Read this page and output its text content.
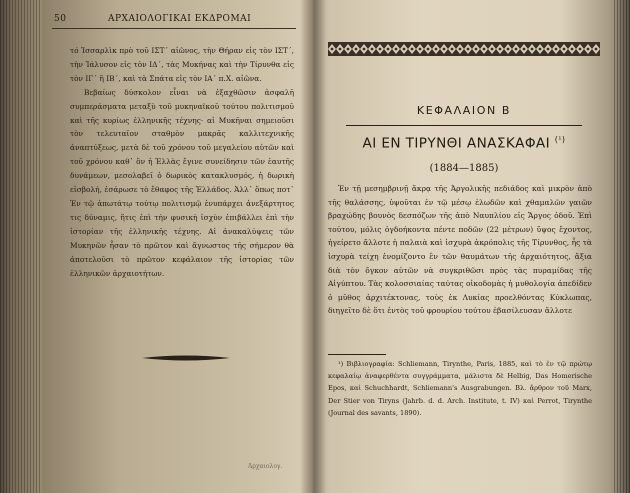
50	ΑΡΧΑΙΟΛΟΓΙΚΑΙ ΕΚΔΡΟΜΑΙ

τό Ἰσσαρλὶκ πρὸ τοῦ ΙΣΤ΄ αἰῶνος, τὴν Θήραν εἰς τὸν ΙΣΤ΄, τὴν Ἰάλυσον εἰς τὸν ΙΔ΄, τὰς Μυκήνας καὶ τὴν Τίρυνθα εἰς τὸν ΙΓ΄ ἢ ΙΒ΄, καὶ τὰ Σπάτα εἰς τὸν ΙΑ΄ π.Χ. αἰῶνα.

Βεβαίως δύσκολον εἶναι νὰ ἐξαχθῶσιν ἀσφαλῆ συμπεράσματα μεταξὺ τοῦ μυκηναϊκοῦ τούτου πολιτισμοῦ καὶ τῆς κυρίως ἑλληνικῆς τέχνης· αἱ Μυκῆναι σημειοῦσι τὸν τελευταῖον σταθμὸν μακρᾶς καλλιτεχνικῆς ἀναπτύξεως, μετὰ δὲ τοῦ χρόνου τοῦ μεγαλείου αὐτῶν καὶ τοῦ χρόνου καθ᾽ ὃν ἡ Ἑλλὰς ἔγινε συνείδησιν τῶν ἑαυτῆς δυνάμεων, μεσολαβεῖ ὁ δωρικὸς κατακλυσμός, ἡ δωρικὴ εἰσβολή, ἐσάρωσε τὸ ἔθαφος τῆς Ἑλλάδος. Ἀλλ᾽ ὅπως ποτ᾽ Ἐν τῷ ἀπωτάτῳ τούτῳ πολιτισμῷ ἐνυπάρχει ἀνεξάρτητος τις δύναμις, ἥτις ἐπὶ τὴν φυσικὴ ἰσχὺν ἐπιβάλλει ἐπὶ τὴν ἱστορίαν τῆς ἑλληνικῆς τέχνης. Αἱ ἀνακαλύψεις τῶν Μυκηνῶν ἦσαν τὸ πρῶτον καὶ ἄγνωστος τῆς σήμερον θὰ ἀποτελοῦσι τὸ πρῶτον κεφάλαιον τῆς ἱστορίας τῶν ἑλληνικῶν ἀρχαιοτήτων.

Ἀρχαιολογ.
ΚΕΦΑΛΑΙΟΝ Β
ΑΙ ΕΝ ΤΙΡΥΝΘΙ ΑΝΑΣΚΑΦΑΙ $^{(^1)}$
(1884—1885)

Ἐν τῇ μεσημβρινῇ ἄκρᾳ τῆς Ἀργολικῆς πεδιάδος καὶ μικρὸν ἀπὸ τῆς θαλάσσης, ὑψοῦται ἐν τῷ μέσῳ ἑλωδῶν καὶ χθαμαλῶν γαιῶν βραχώδης βουνὸς δεσπόζων τῆς ἀπὸ Ναυπλίου εἰς Ἄργος ὁδοῦ. Ἐπὶ τούτου, μόλις ὀγδοήκοντα πέντε ποδῶν (22 μέτρων) ὕψος ἔχοντος, ἠγείρετο ἄλλοτε ἡ παλαιὰ καὶ ἰσχυρὰ ἀκρόπολις τῆς Τίρυνθος, ἧς τὰ ἰσχυρὰ τείχη ἐνομίζοντο ἓν τῶν θαυμάτων τῆς ἀρχαιότητος, ἄξια διὰ τὸν ὄγκον αὐτῶν νὰ συγκριθῶσι πρὸς τὰς πυραμίδας τῆς Αἰγύπτου. Τὰς κολοσσιαίας ταύτας οἰκοδομὰς ἡ μυθολογία ἀπεδίδεν ὁ μῦθος ἀρχιτέκτονας, τοὺς ἐκ Λυκίας προελθόντας Κύκλωπας, διηγεῖτο δὲ ὅτι ἐντὸς τοῦ φρουρίου τούτου ἐβασίλευσαν ἄλλοτε

¹) Βιβλιογραφία: Schliemann, Tirynthe, Paris, 1885, καὶ τὸ ἐν τῷ πρώτῳ κεφαλαίῳ ἀναφερθέντα συγγράμματα, μάλιστα δὲ Helbig, Das Homerische Epos, καὶ Schuchhardt, Schliemann's Ausgrabungen. Βλ. ἄρθρον τοῦ Marx, Der Stier von Tiryns (Jahrb. d. d. Arch. Institute, t. IV) καὶ Perrot, Tirynthe (Journal des savants, 1890).
